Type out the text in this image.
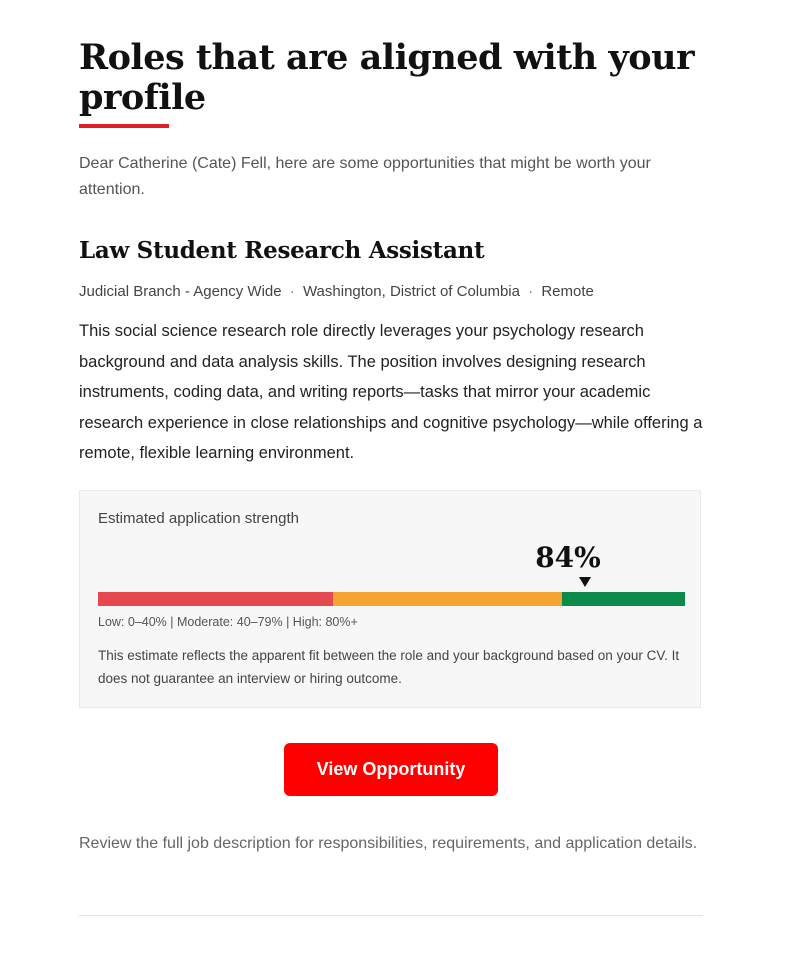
Roles that are aligned with your profile

Dear Catherine (Cate) Fell, here are some opportunities that might be worth your attention.

Law Student Research Assistant
Judicial Branch - Agency Wide · Washington, District of Columbia · Remote

This social science research role directly leverages your psychology research background and data analysis skills. The position involves designing research instruments, coding data, and writing reports—tasks that mirror your academic research experience in close relationships and cognitive psychology—while offering a remote, flexible learning environment.

Estimated application strength
84%
Low: 0–40% | Moderate: 40–79% | High: 80%+

This estimate reflects the apparent fit between the role and your background based on your CV. It does not guarantee an interview or hiring outcome.

View Opportunity

Review the full job description for responsibilities, requirements, and application details.
